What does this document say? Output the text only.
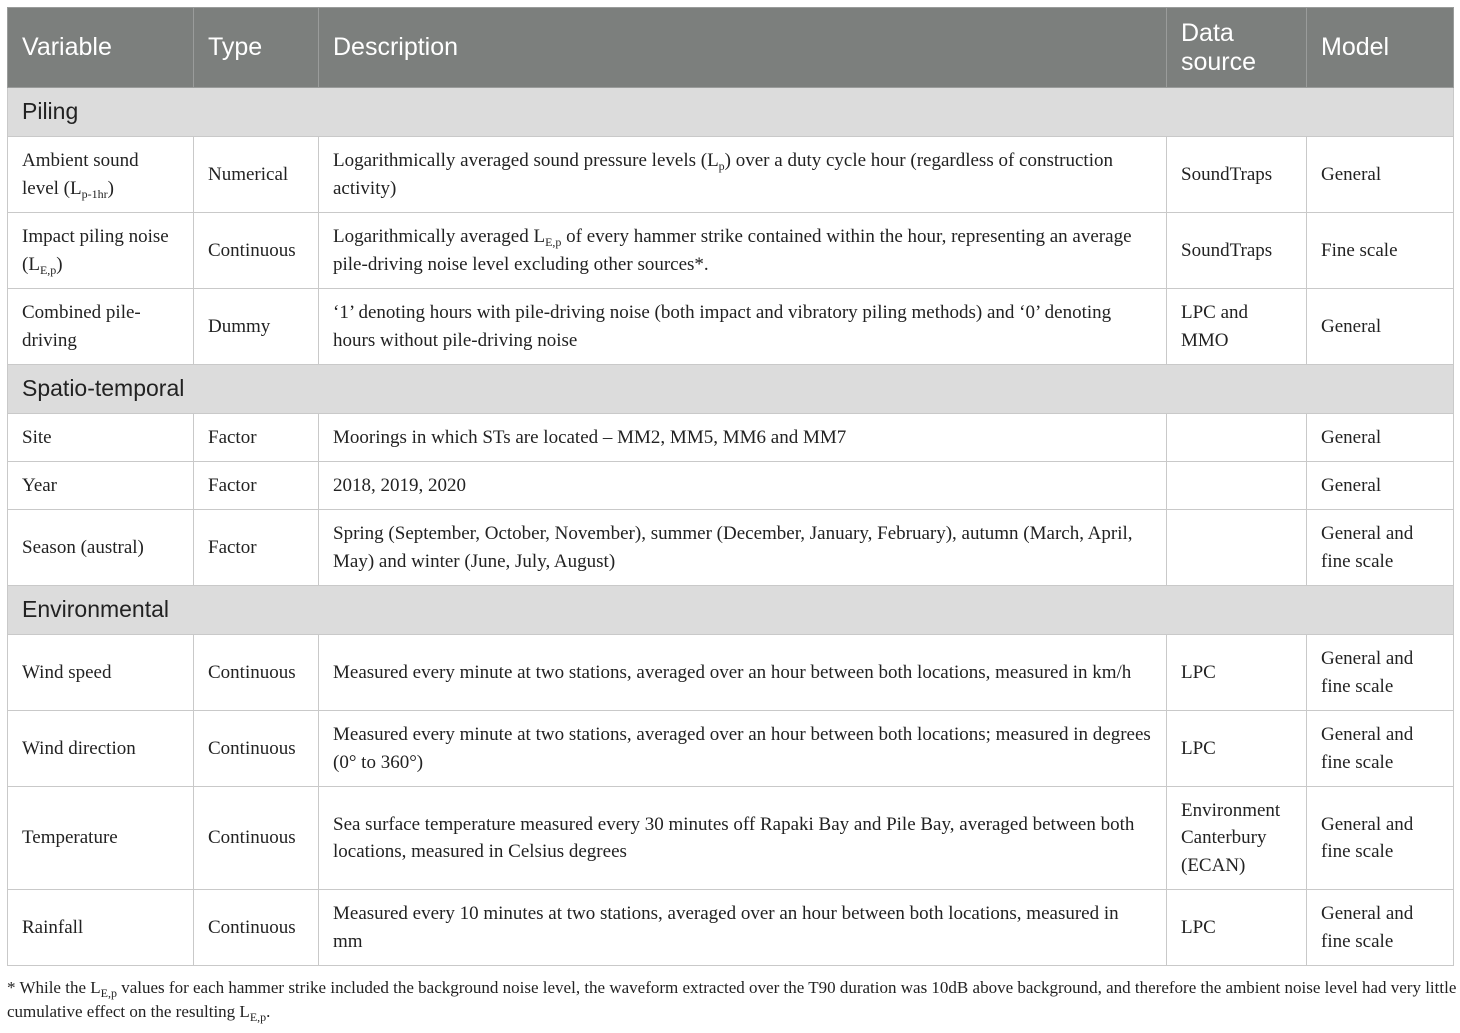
Variable	Type	Description	Data source	Model
Piling				
Ambient sound level $(L_{p-1hr})$	Numerical	Logarithmically averaged sound pressure levels $(L_p)$ over a duty cycle hour (regardless of construction activity)	SoundTraps	General
Impact piling noise $(L_{E,p})$	Continuous	Logarithmically averaged $L_{E,p}$ of every hammer strike contained within the hour, representing an average pile-driving noise level excluding other sources*.	SoundTraps	Fine scale
Combined pile-driving	Dummy	‘1’ denoting hours with pile-driving noise (both impact and vibratory piling methods) and ‘0’ denoting hours without pile-driving noise	LPC and MMO	General
Spatio-temporal				
Site	Factor	Moorings in which STs are located – MM2, MM5, MM6 and MM7		General
Year	Factor	2018, 2019, 2020		General
Season (austral)	Factor	Spring (September, October, November), summer (December, January, February), autumn (March, April, May) and winter (June, July, August)		General and fine scale
Environmental				
Wind speed	Continuous	Measured every minute at two stations, averaged over an hour between both locations, measured in km/h	LPC	General and fine scale
Wind direction	Continuous	Measured every minute at two stations, averaged over an hour between both locations; measured in degrees (0° to 360°)	LPC	General and fine scale
Temperature	Continuous	Sea surface temperature measured every 30 minutes off Rapaki Bay and Pile Bay, averaged between both locations, measured in Celsius degrees	Environment Canterbury (ECAN)	General and fine scale
Rainfall	Continuous	Measured every 10 minutes at two stations, averaged over an hour between both locations, measured in mm	LPC	General and fine scale
* While the $L_{E,p}$ values for each hammer strike included the background noise level, the waveform extracted over the T90 duration was 10dB above background, and therefore the ambient noise level had very little cumulative effect on the resulting $L_{E,p}$.
